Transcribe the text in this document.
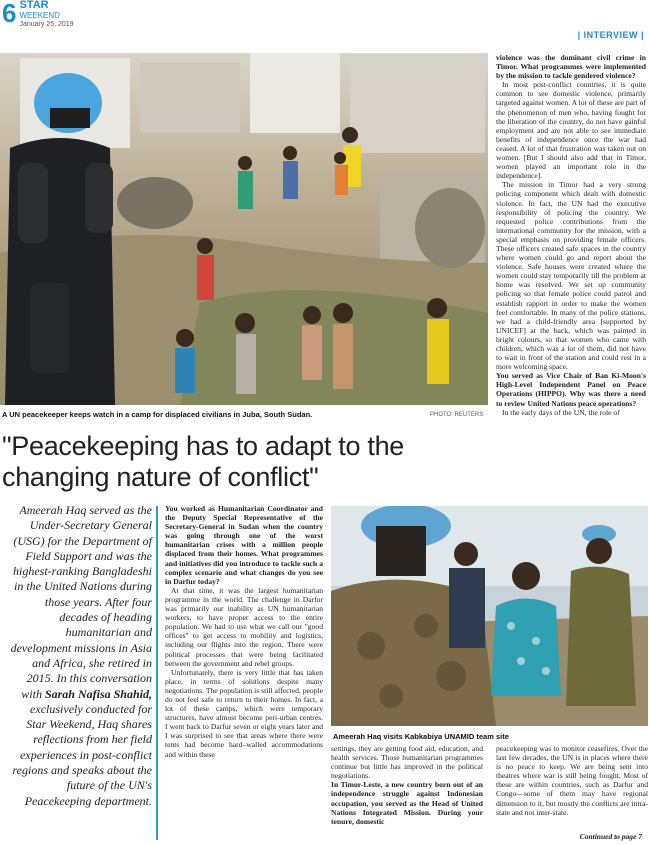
6 STAR
WEEKEND
January 25, 2019
| INTERVIEW |
A UN peacekeeper keeps watch in a camp for displaced civilians in Juba, South Sudan.	PHOTO: REUTERS
"Peacekeeping has to adapt to the changing nature of conflict"
Ameerah Haq served as the Under-Secretary General (USG) for the Department of Field Support and was the highest-ranking Bangladeshi in the United Nations during those years. After four decades of heading humanitarian and development missions in Asia and Africa, she retired in 2015. In this conversation with Sarah Nafisa Shahid, exclusively conducted for Star Weekend, Haq shares reflections from her field experiences in post-conflict regions and speaks about the future of the UN's Peacekeeping department.

You worked as Humanitarian Coordinator and the Deputy Special Representative of the Secretary-General in Sudan when the country was going through one of the worst humanitarian crises with a million people displaced from their homes. What programmes and initiatives did you introduce to tackle such a complex scenario and what changes do you see in Darfur today?

At that time, it was the largest humanitarian programme in the world. The challenge in Darfur was primarily our inability as UN humanitarian workers, to have proper access to the entire population. We had to use what we call our "good offices" to get access to mobility and logistics, including our flights into the region. There were political processes that were being facilitated between the government and rebel groups.

Unfortunately, there is very little that has taken place, in terms of solutions despite many negotiations. The population is still affected, people do not feel safe to return to their homes. In fact, a lot of these camps, which were temporary structures, have almost become peri-urban centres. I went back to Darfur seven or eight years later and I was surprised to see that areas where there were tents had become hard–walled accommodations and within these

violence was the dominant civil crime in Timor. What programmes were implemented by the mission to tackle gendered violence?

In most post-conflict countries, it is quite common to see domestic violence, primarily targeted against women. A lot of these are part of the phenomenon of men who, having fought for the liberation of the country, do not have gainful employment and are not able to see immediate benefits of independence once the war had ceased. A lot of that frustration was taken out on women. [But I should also add that in Timor, women played an important role in the independence].

The mission in Timor had a very strong policing component which dealt with domestic violence. In fact, the UN had the executive responsibility of policing the country. We requested police contributions from the international community for the mission, with a special emphasis on providing female officers. These officers created safe spaces in the country where women could go and report about the violence. Safe houses were created where the women could stay temporarily till the problem at home was resolved. We set up community policing so that female police could patrol and establish rapport in order to make the women feel comfortable. In many of the police stations, we had a child-friendly area [supported by UNICEF] at the back, which was painted in bright colours, so that women who came with children, which was a lot of them, did not have to wait in front of the station and could rest in a more welcoming space.

You served as Vice Chair of Ban Ki-Moon's High-Level Independent Panel on Peace Operations (HIPPO). Why was there a need to review United Nations peace operations?

In the early days of the UN, the role of

Ameerah Haq visits Kabkabiya UNAMID team site

settings, they are getting food aid, education, and health services. Those humanitarian programmes continue but little has improved in the political negotiations.

In Timor-Leste, a new country born out of an independence struggle against Indonesian occupation, you served as the Head of United Nations Integrated Mission. During your tenure, domestic

peacekeeping was to monitor ceasefires. Over the last few decades, the UN is in places where there is no peace to keep. We are being sent into theatres where war is still being fought. Most of these are within countries, such as Darfur and Congo—some of them may have regional dimension to it, but mostly the conflicts are intra-state and not inter-state.

Continued to page 7
